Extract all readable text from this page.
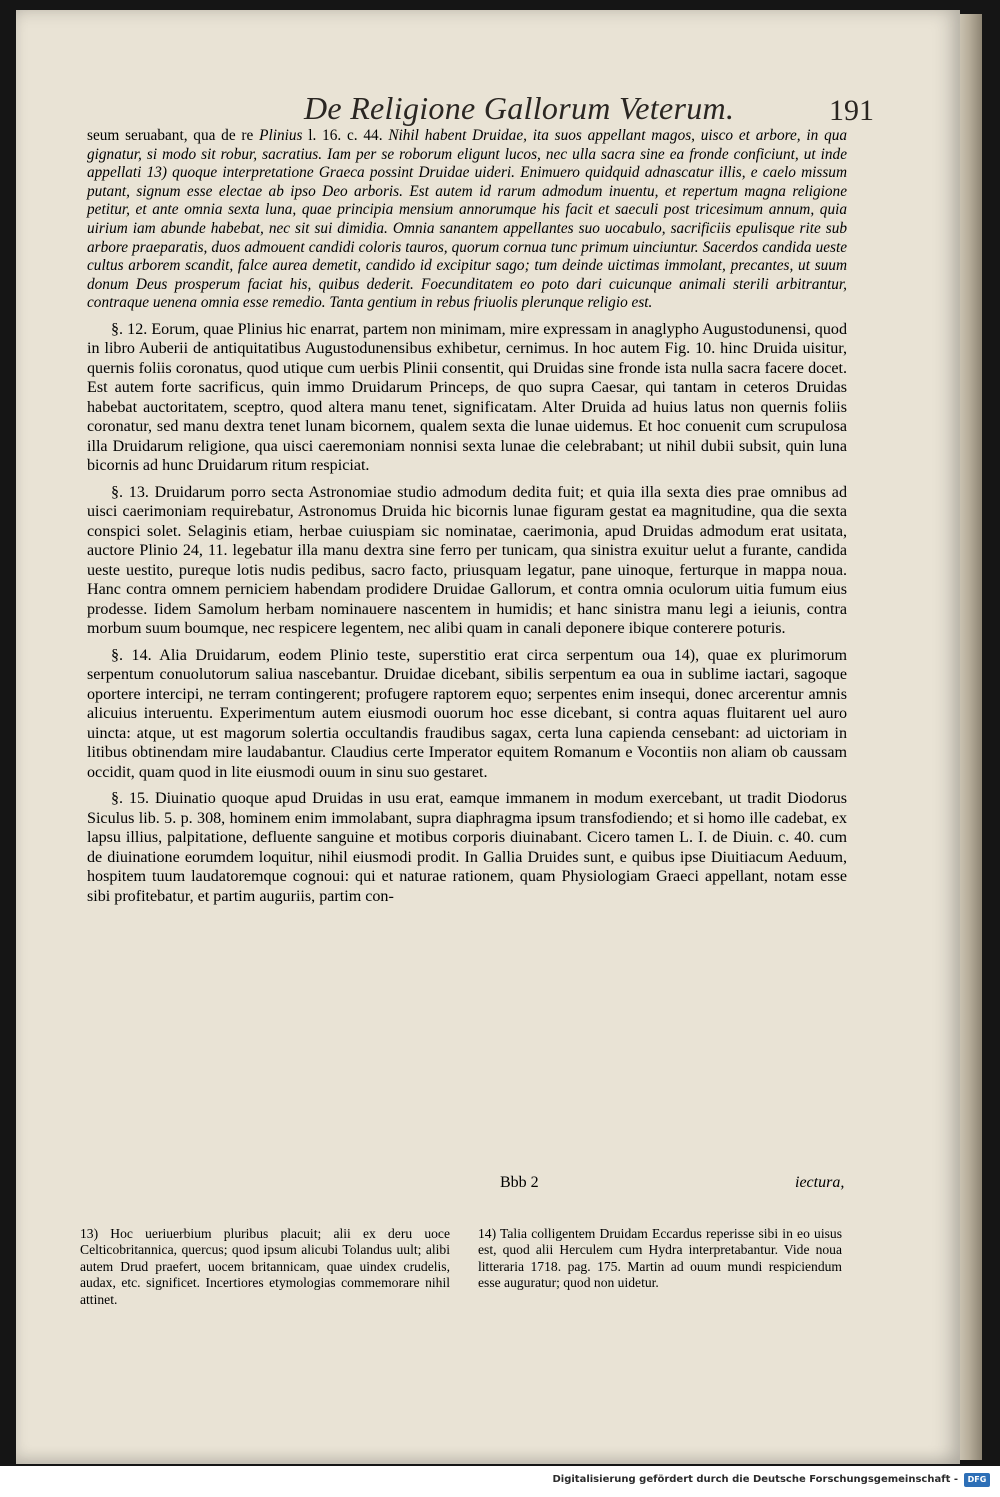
De Religione Gallorum Veterum.	191

seum seruabant, qua de re Plinius l. 16. c. 44. Nihil habent Druidae, ita suos appellant magos, uisco et arbore, in qua gignatur, si modo sit robur, sacratius. Iam per se roborum eligunt lucos, nec ulla sacra sine ea fronde conficiunt, ut inde appellati 13) quoque interpretatione Graeca possint Druidae uideri. Enimuero quidquid adnascatur illis, e caelo missum putant, signum esse electae ab ipso Deo arboris. Est autem id rarum admodum inuentu, et repertum magna religione petitur, et ante omnia sexta luna, quae principia mensium annorumque his facit et saeculi post tricesimum annum, quia uirium iam abunde habebat, nec sit sui dimidia. Omnia sanantem appellantes suo uocabulo, sacrificiis epulisque rite sub arbore praeparatis, duos admouent candidi coloris tauros, quorum cornua tunc primum uinciuntur. Sacerdos candida ueste cultus arborem scandit, falce aurea demetit, candido id excipitur sago; tum deinde uictimas immolant, precantes, ut suum donum Deus prosperum faciat his, quibus dederit. Foecunditatem eo poto dari cuicunque animali sterili arbitrantur, contraque uenena omnia esse remedio. Tanta gentium in rebus friuolis plerunque religio est.

§. 12. Eorum, quae Plinius hic enarrat, partem non minimam, mire expressam in anaglypho Augustodunensi, quod in libro Auberii de antiquitatibus Augustodunensibus exhibetur, cernimus. In hoc autem Fig. 10. hinc Druida uisitur, quernis foliis coronatus, quod utique cum uerbis Plinii consentit, qui Druidas sine fronde ista nulla sacra facere docet. Est autem forte sacrificus, quin immo Druidarum Princeps, de quo supra Caesar, qui tantam in ceteros Druidas habebat auctoritatem, sceptro, quod altera manu tenet, significatam. Alter Druida ad huius latus non quernis foliis coronatur, sed manu dextra tenet lunam bicornem, qualem sexta die lunae uidemus. Et hoc conuenit cum scrupulosa illa Druidarum religione, qua uisci caeremoniam nonnisi sexta lunae die celebrabant; ut nihil dubii subsit, quin luna bicornis ad hunc Druidarum ritum respiciat.

§. 13. Druidarum porro secta Astronomiae studio admodum dedita fuit; et quia illa sexta dies prae omnibus ad uisci caerimoniam requirebatur, Astronomus Druida hic bicornis lunae figuram gestat ea magnitudine, qua die sexta conspici solet. Selaginis etiam, herbae cuiuspiam sic nominatae, caerimonia, apud Druidas admodum erat usitata, auctore Plinio 24, 11. legebatur illa manu dextra sine ferro per tunicam, qua sinistra exuitur uelut a furante, candida ueste uestito, pureque lotis nudis pedibus, sacro facto, priusquam legatur, pane uinoque, ferturque in mappa noua. Hanc contra omnem perniciem habendam prodidere Druidae Gallorum, et contra omnia oculorum uitia fumum eius prodesse. Iidem Samolum herbam nominauere nascentem in humidis; et hanc sinistra manu legi a ieiunis, contra morbum suum boumque, nec respicere legentem, nec alibi quam in canali deponere ibique conterere poturis.

§. 14. Alia Druidarum, eodem Plinio teste, superstitio erat circa serpentum oua 14), quae ex plurimorum serpentum conuolutorum saliua nascebantur. Druidae dicebant, sibilis serpentum ea oua in sublime iactari, sagoque oportere intercipi, ne terram contingerent; profugere raptorem equo; serpentes enim insequi, donec arcerentur amnis alicuius interuentu. Experimentum autem eiusmodi ouorum hoc esse dicebant, si contra aquas fluitarent uel auro uincta: atque, ut est magorum solertia occultandis fraudibus sagax, certa luna capienda censebant: ad uictoriam in litibus obtinendam mire laudabantur. Claudius certe Imperator equitem Romanum e Vocontiis non aliam ob caussam occidit, quam quod in lite eiusmodi ouum in sinu suo gestaret.

§. 15. Diuinatio quoque apud Druidas in usu erat, eamque immanem in modum exercebant, ut tradit Diodorus Siculus lib. 5. p. 308, hominem enim immolabant, supra diaphragma ipsum transfodiendo; et si homo ille cadebat, ex lapsu illius, palpitatione, defluente sanguine et motibus corporis diuinabant. Cicero tamen L. I. de Diuin. c. 40. cum de diuinatione eorumdem loquitur, nihil eiusmodi prodit. In Gallia Druides sunt, e quibus ipse Diuitiacum Aeduum, hospitem tuum laudatoremque cognoui: qui et naturae rationem, quam Physiologiam Graeci appellant, notam esse sibi profitebatur, et partim auguriis, partim con-

Bbb 2	iectura,
13) Hoc ueriuerbium pluribus placuit; alii ex deru uoce Celticobritannica, quercus; quod ipsum alicubi Tolandus uult; alibi autem Drud praefert, uocem britannicam, quae uindex crudelis, audax, etc. significet. Incertiores etymologias commemorare nihil attinet.
14) Talia colligentem Druidam Eccardus reperisse sibi in eo uisus est, quod alii Herculem cum Hydra interpretabantur. Vide noua litteraria 1718. pag. 175. Martin ad ouum mundi respiciendum esse auguratur; quod non uidetur.
Digitalisierung gefördert durch die Deutsche Forschungsgemeinschaft -	DFG
